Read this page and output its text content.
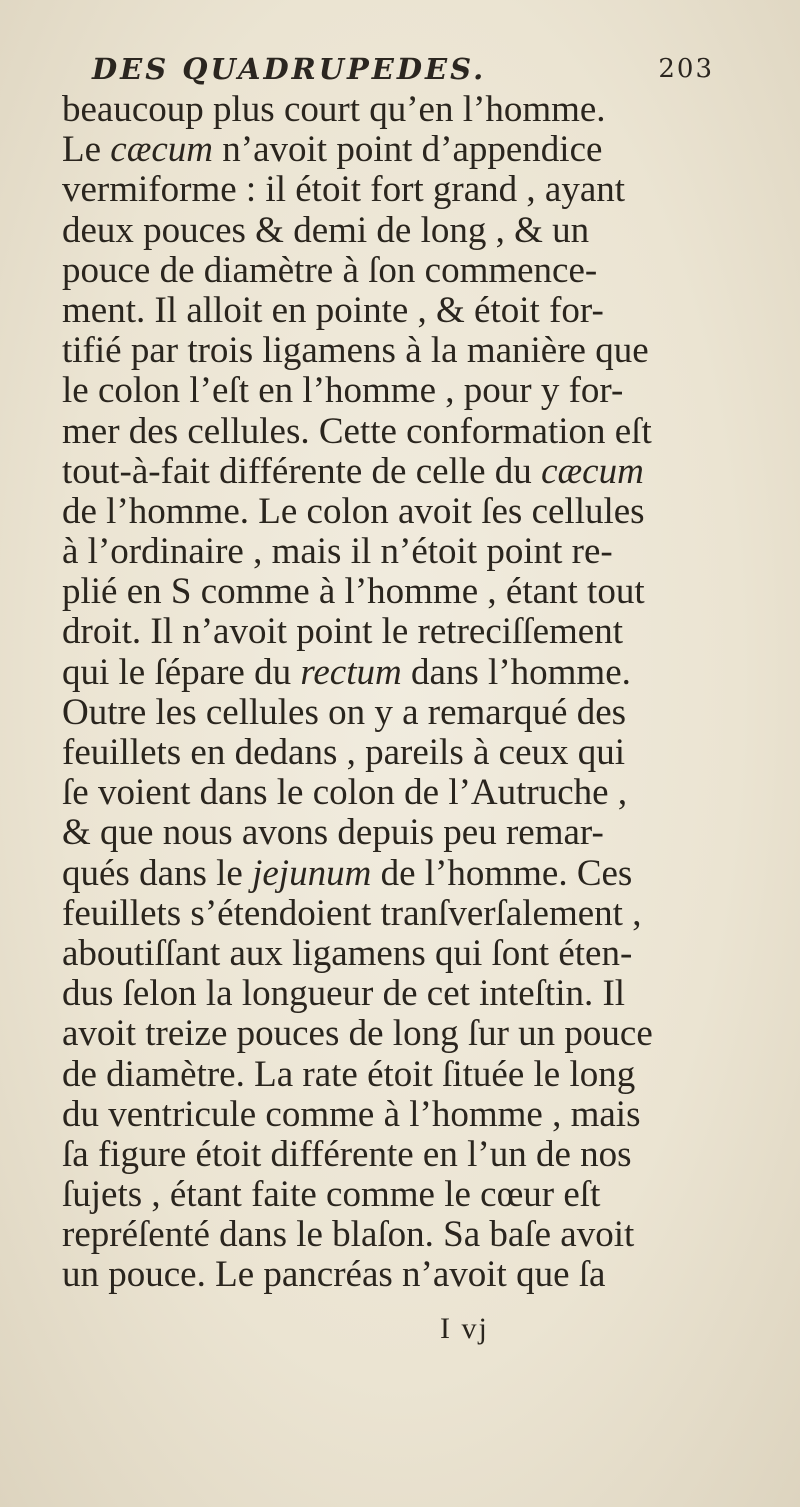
DES QUADRUPEDES.	203
beaucoup plus court qu’en l’homme.
Le cæcum n’avoit point d’appendice
vermiforme : il étoit fort grand , ayant
deux pouces & demi de long , & un
pouce de diamètre à ſon commence-
ment. Il alloit en pointe , & étoit for-
tifié par trois ligamens à la manière que
le colon l’eſt en l’homme , pour y for-
mer des cellules. Cette conformation eſt
tout-à-fait différente de celle du cæcum
de l’homme. Le colon avoit ſes cellules
à l’ordinaire , mais il n’étoit point re-
plié en S comme à l’homme , étant tout
droit. Il n’avoit point le retreciſſement
qui le ſépare du rectum dans l’homme.
Outre les cellules on y a remarqué des
feuillets en dedans , pareils à ceux qui
ſe voient dans le colon de l’Autruche ,
& que nous avons depuis peu remar-
qués dans le jejunum de l’homme. Ces
feuillets s’étendoient tranſverſalement ,
aboutiſſant aux ligamens qui ſont éten-
dus ſelon la longueur de cet inteſtin. Il
avoit treize pouces de long ſur un pouce
de diamètre. La rate étoit ſituée le long
du ventricule comme à l’homme , mais
ſa figure étoit différente en l’un de nos
ſujets , étant faite comme le cœur eſt
repréſenté dans le blaſon. Sa baſe avoit
un pouce. Le pancréas n’avoit que ſa
I vj
